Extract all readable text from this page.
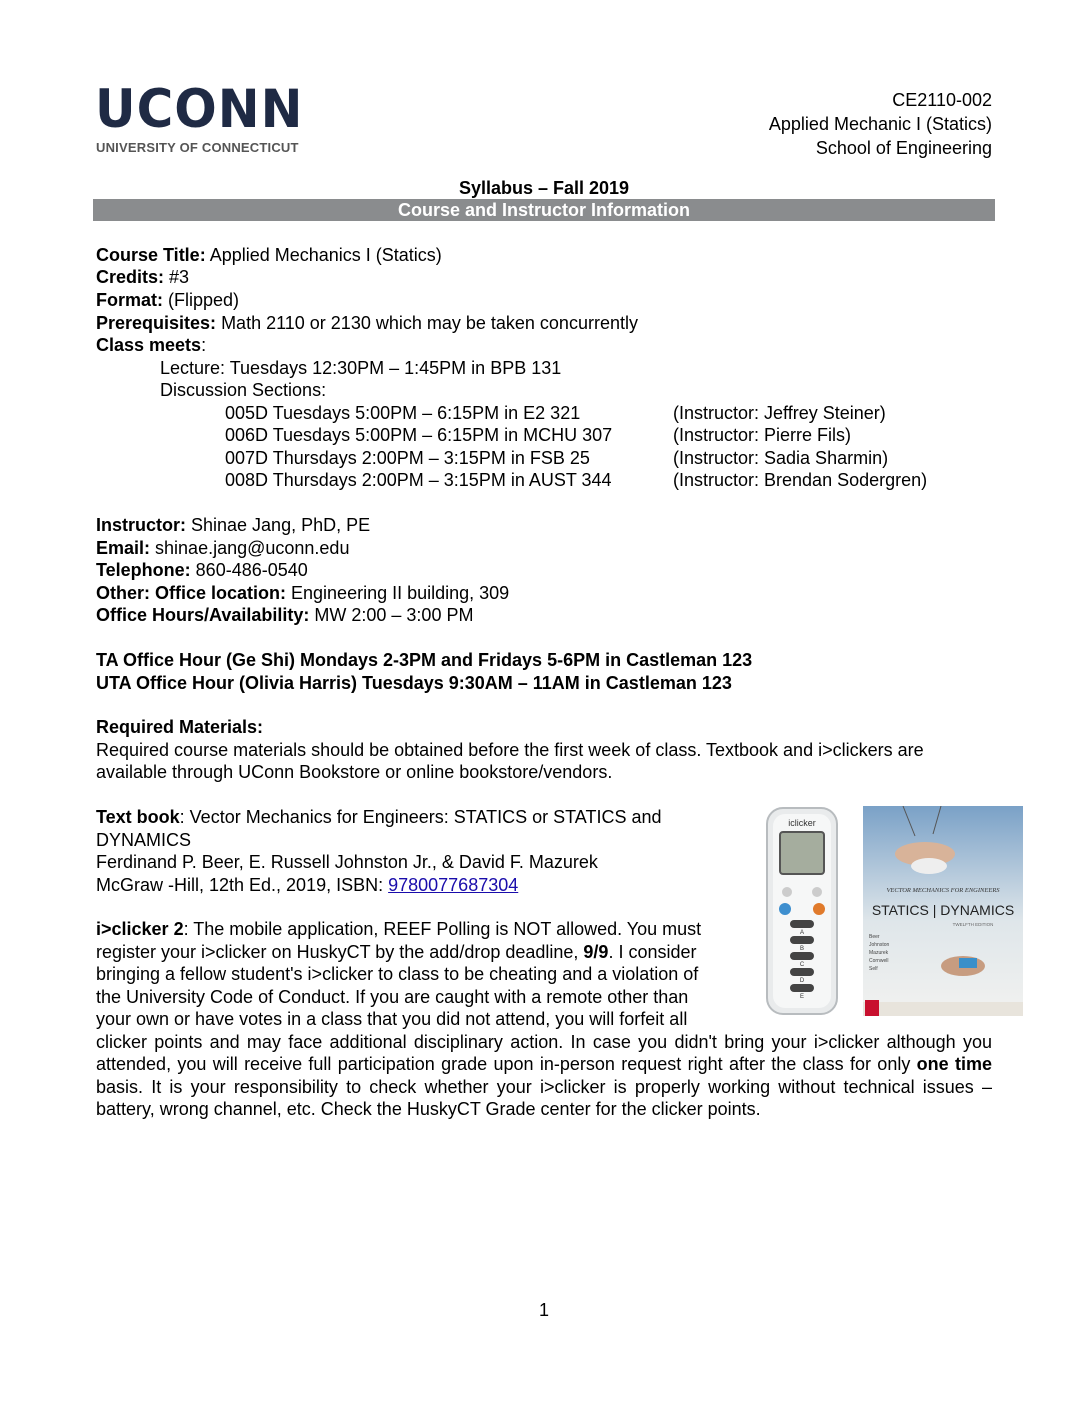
UCONN
UNIVERSITY OF CONNECTICUT
CE2110-002
Applied Mechanic I (Statics)
School of Engineering
Syllabus – Fall 2019
Course and Instructor Information
Course Title: Applied Mechanics I (Statics)
Credits: #3
Format: (Flipped)
Prerequisites: Math 2110 or 2130 which may be taken concurrently
Class meets:
Lecture: Tuesdays 12:30PM – 1:45PM in BPB 131
Discussion Sections:
005D Tuesdays 5:00PM – 6:15PM in E2 321	(Instructor: Jeffrey Steiner)
006D Tuesdays 5:00PM – 6:15PM in MCHU 307	(Instructor: Pierre Fils)
007D Thursdays 2:00PM – 3:15PM in FSB 25	(Instructor: Sadia Sharmin)
008D Thursdays 2:00PM – 3:15PM in AUST 344	(Instructor: Brendan Sodergren)
Instructor: Shinae Jang, PhD, PE
Email: shinae.jang@uconn.edu
Telephone: 860-486-0540
Other: Office location: Engineering II building, 309
Office Hours/Availability: MW 2:00 – 3:00 PM
TA Office Hour (Ge Shi) Mondays 2-3PM and Fridays 5-6PM in Castleman 123
UTA Office Hour (Olivia Harris) Tuesdays 9:30AM – 11AM in Castleman 123
Required Materials:
Required course materials should be obtained before the first week of class. Textbook and i>clickers are available through UConn Bookstore or online bookstore/vendors.
Text book: Vector Mechanics for Engineers: STATICS or STATICS and
DYNAMICS
Ferdinand P. Beer, E. Russell Johnston Jr., & David F. Mazurek
McGraw -Hill, 12th Ed., 2019, ISBN: 9780077687304
iclicker
A
B
C
D
E
VECTOR MECHANICS FOR ENGINEERS
STATICS | DYNAMICS
TWELFTH EDITION
Beer
Johnston
Mazurek
Cornwell
Self
i>clicker 2: The mobile application, REEF Polling is NOT allowed. You must
register your i>clicker on HuskyCT by the add/drop deadline, 9/9. I consider
bringing a fellow student's i>clicker to class to be cheating and a violation of
the University Code of Conduct. If you are caught with a remote other than
your own or have votes in a class that you did not attend, you will forfeit all
clicker points and may face additional disciplinary action. In case you didn't bring your i>clicker although you attended, you will receive full participation grade upon in-person request right after the class for only one time basis. It is your responsibility to check whether your i>clicker is properly working without technical issues – battery, wrong channel, etc. Check the HuskyCT Grade center for the clicker points.
1
